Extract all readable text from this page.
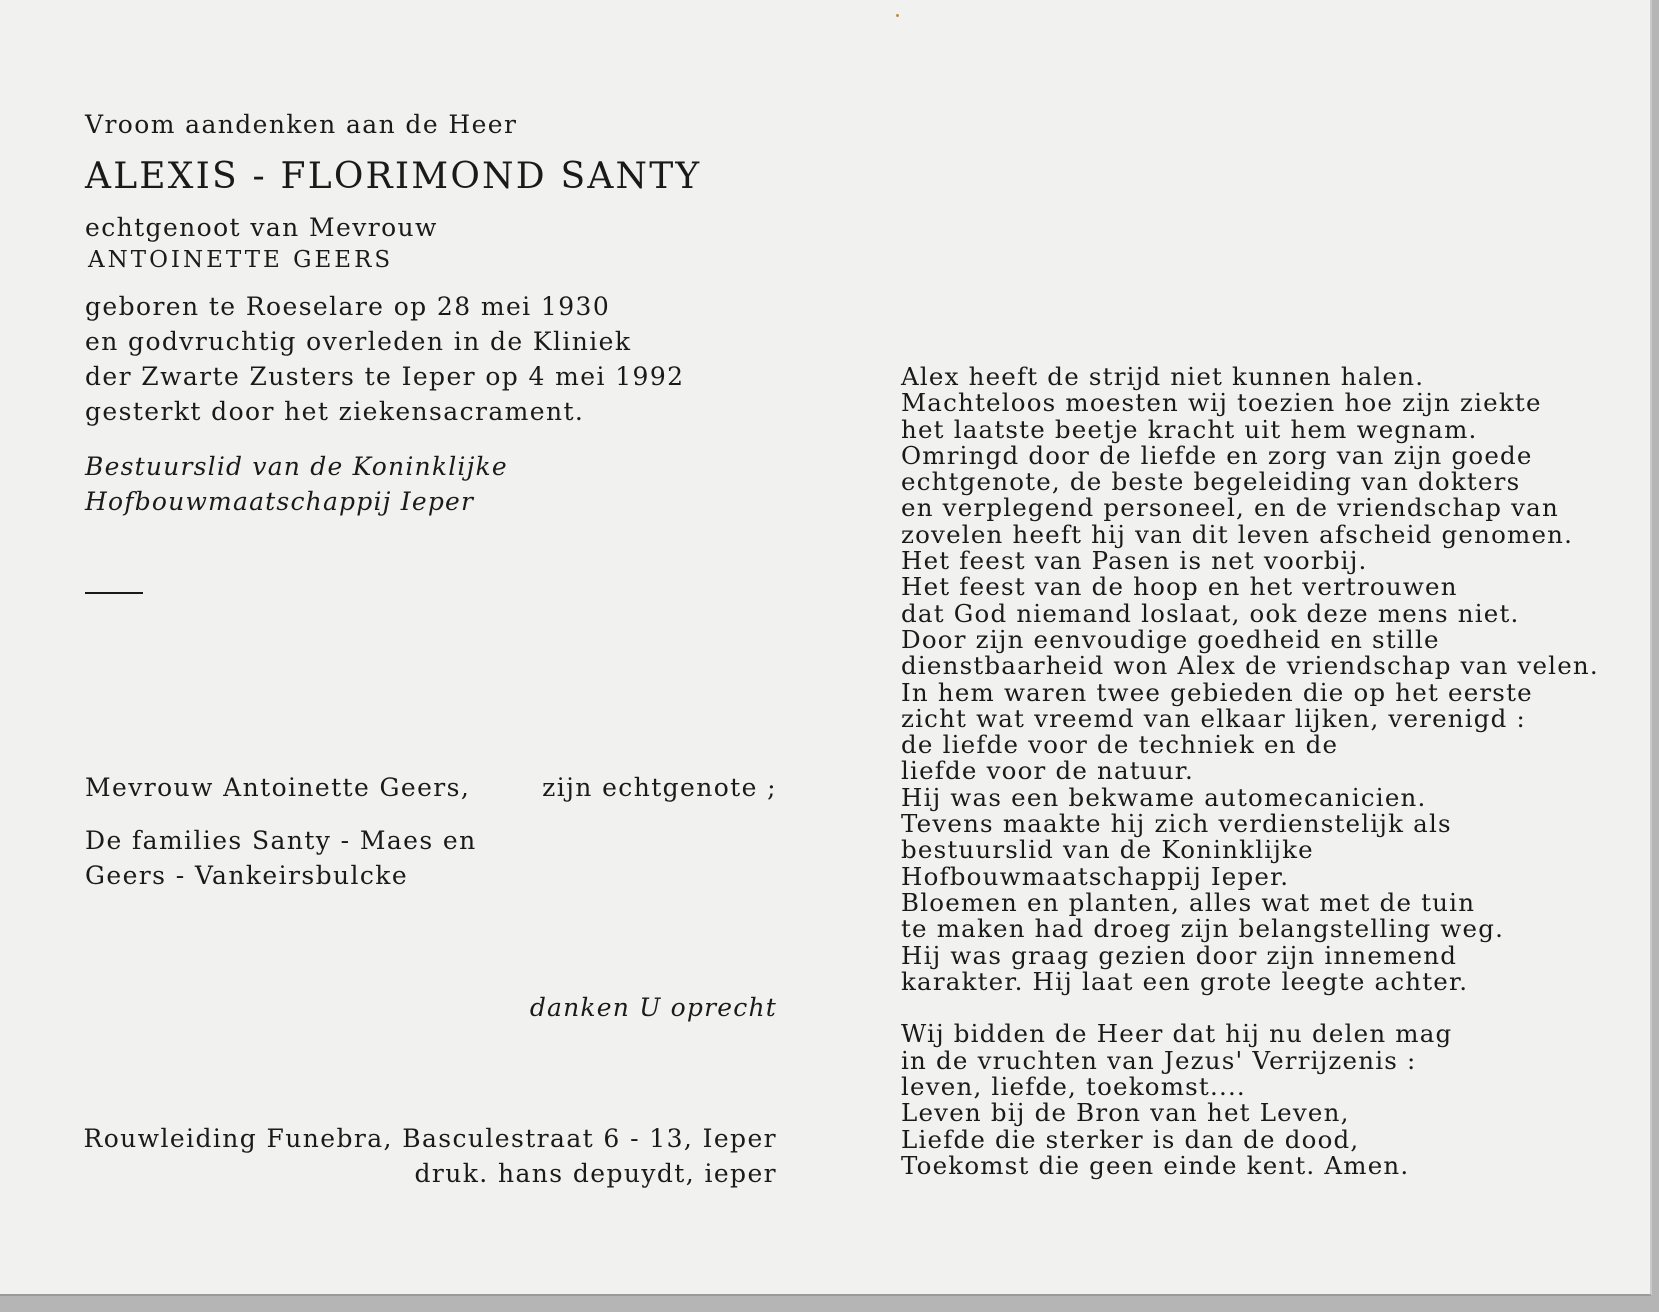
Vroom aandenken aan de Heer

ALEXIS - FLORIMOND SANTY

echtgenoot van Mevrouw

ANTOINETTE GEERS

geboren te Roeselare op 28 mei 1930

en godvruchtig overleden in de Kliniek

der Zwarte Zusters te Ieper op 4 mei 1992

gesterkt door het ziekensacrament.

Bestuurslid van de Koninklijke

Hofbouwmaatschappij Ieper

Mevrouw Antoinette Geers,	zijn echtgenote ;

De families Santy - Maes en

Geers - Vankeirsbulcke

danken U oprecht

Rouwleiding Funebra, Basculestraat 6 - 13, Ieper

druk. hans depuydt, ieper

Alex heeft de strijd niet kunnen halen.
Machteloos moesten wij toezien hoe zijn ziekte
het laatste beetje kracht uit hem wegnam.
Omringd door de liefde en zorg van zijn goede
echtgenote, de beste begeleiding van dokters
en verplegend personeel, en de vriendschap van
zovelen heeft hij van dit leven afscheid genomen.
Het feest van Pasen is net voorbij.
Het feest van de hoop en het vertrouwen
dat God niemand loslaat, ook deze mens niet.
Door zijn eenvoudige goedheid en stille
dienstbaarheid won Alex de vriendschap van velen.
In hem waren twee gebieden die op het eerste
zicht wat vreemd van elkaar lijken, verenigd :
de liefde voor de techniek en de
liefde voor de natuur.
Hij was een bekwame automecanicien.
Tevens maakte hij zich verdienstelijk als
bestuurslid van de Koninklijke
Hofbouwmaatschappij Ieper.
Bloemen en planten, alles wat met de tuin
te maken had droeg zijn belangstelling weg.
Hij was graag gezien door zijn innemend
karakter. Hij laat een grote leegte achter.
Wij bidden de Heer dat hij nu delen mag
in de vruchten van Jezus' Verrijzenis :
leven, liefde, toekomst....
Leven bij de Bron van het Leven,
Liefde die sterker is dan de dood,
Toekomst die geen einde kent. Amen.
